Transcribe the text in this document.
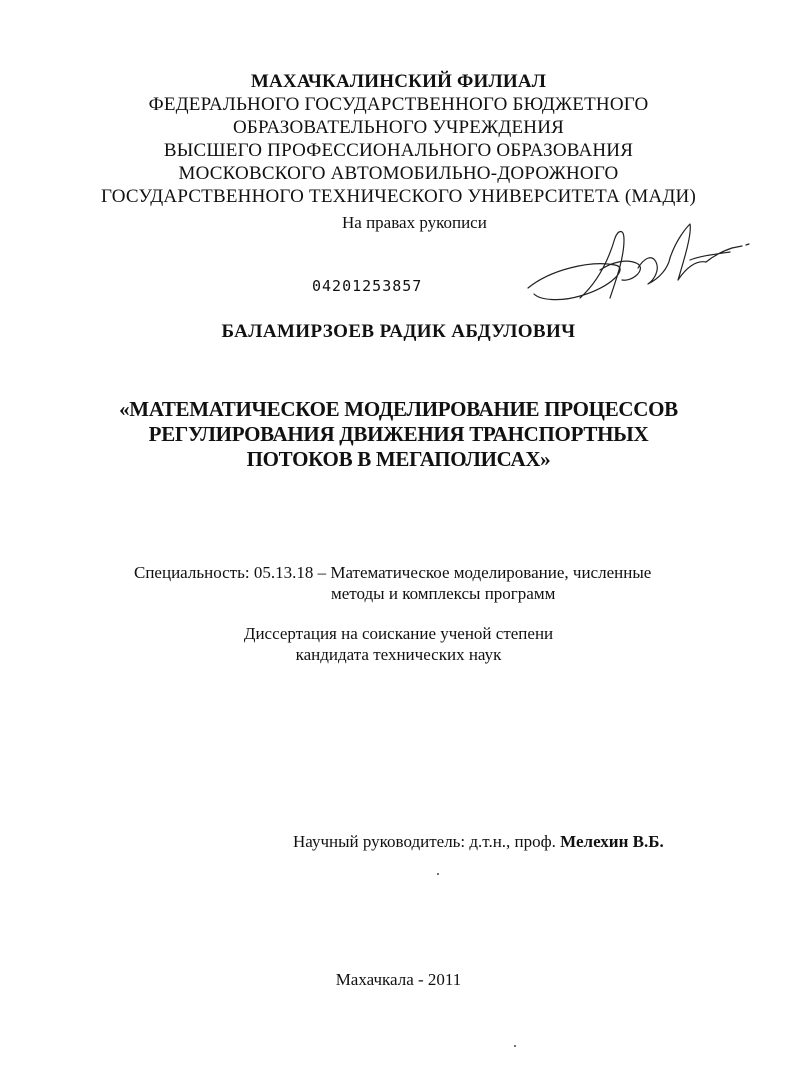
МАХАЧКАЛИНСКИЙ ФИЛИАЛ
ФЕДЕРАЛЬНОГО ГОСУДАРСТВЕННОГО БЮДЖЕТНОГО
ОБРАЗОВАТЕЛЬНОГО УЧРЕЖДЕНИЯ
ВЫСШЕГО ПРОФЕССИОНАЛЬНОГО ОБРАЗОВАНИЯ
МОСКОВСКОГО АВТОМОБИЛЬНО-ДОРОЖНОГО
ГОСУДАРСТВЕННОГО ТЕХНИЧЕСКОГО УНИВЕРСИТЕТА (МАДИ)
На правах рукописи
04201253857
БАЛАМИРЗОЕВ РАДИК АБДУЛОВИЧ
«МАТЕМАТИЧЕСКОЕ МОДЕЛИРОВАНИЕ ПРОЦЕССОВ
РЕГУЛИРОВАНИЯ ДВИЖЕНИЯ ТРАНСПОРТНЫХ
ПОТОКОВ В МЕГАПОЛИСАХ»
Специальность: 05.13.18 – Математическое моделирование, численные
методы и комплексы программ
Диссертация на соискание ученой степени
кандидата технических наук
Научный руководитель: д.т.н., проф. Мелехин В.Б.
Махачкала - 2011
